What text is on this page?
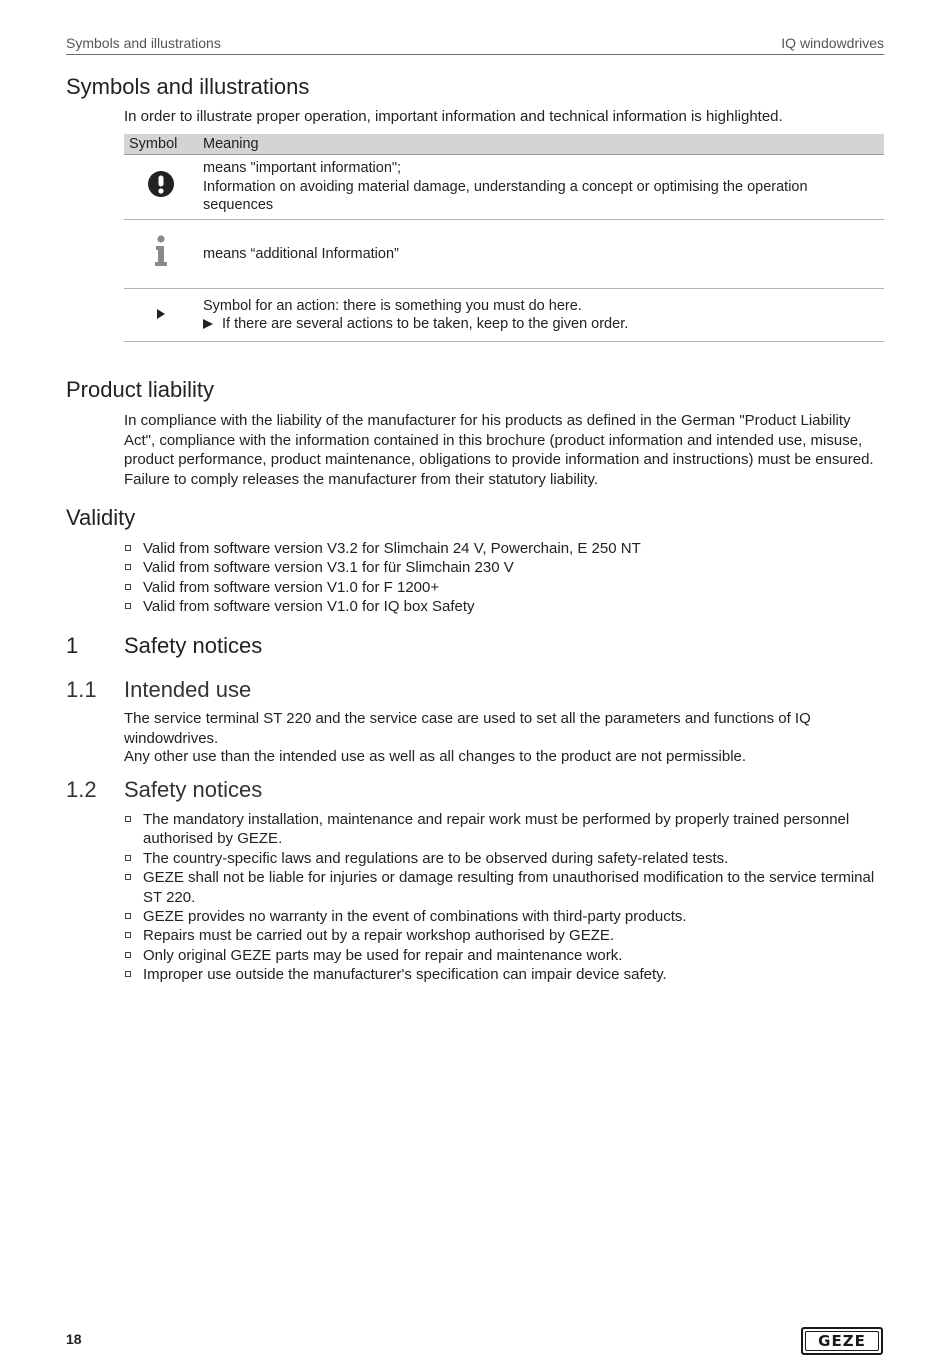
Symbols and illustrations	IQ windowdrives
Symbols and illustrations

In order to illustrate proper operation, important information and technical information is highlighted.

Symbol	Meaning

means "important information";
Information on avoiding material damage, understanding a concept or optimising the operation sequences

means “additional Information”

Symbol for an action: there is something you must do here.
If there are several actions to be taken, keep to the given order.
Product liability

In compliance with the liability of the manufacturer for his products as defined in the German "Product Liability Act", compliance with the information contained in this brochure (product information and intended use, misuse, product performance, product maintenance, obligations to provide information and instructions) must be ensured. Failure to comply releases the manufacturer from their statutory liability.

Validity
Valid from software version V3.2 for Slimchain 24 V, Powerchain, E 250 NT
Valid from software version V3.1 for für Slimchain 230 V
Valid from software version V1.0 for F 1200+
Valid from software version V1.0 for IQ box Safety
1 Safety notices
1.1 Intended use

The service terminal ST 220 and the service case are used to set all the parameters and functions of IQ windowdrives.

Any other use than the intended use as well as all changes to the product are not permissible.

1.2 Safety notices
The mandatory installation, maintenance and repair work must be performed by properly trained personnel authorised by GEZE.
The country-specific laws and regulations are to be observed during safety-related tests.
GEZE shall not be liable for injuries or damage resulting from unauthorised modification to the service terminal ST 220.
GEZE provides no warranty in the event of combinations with third-party products.
Repairs must be carried out by a repair workshop authorised by GEZE.
Only original GEZE parts may be used for repair and maintenance work.
Improper use outside the manufacturer's specification can impair device safety.
18	GEZE
